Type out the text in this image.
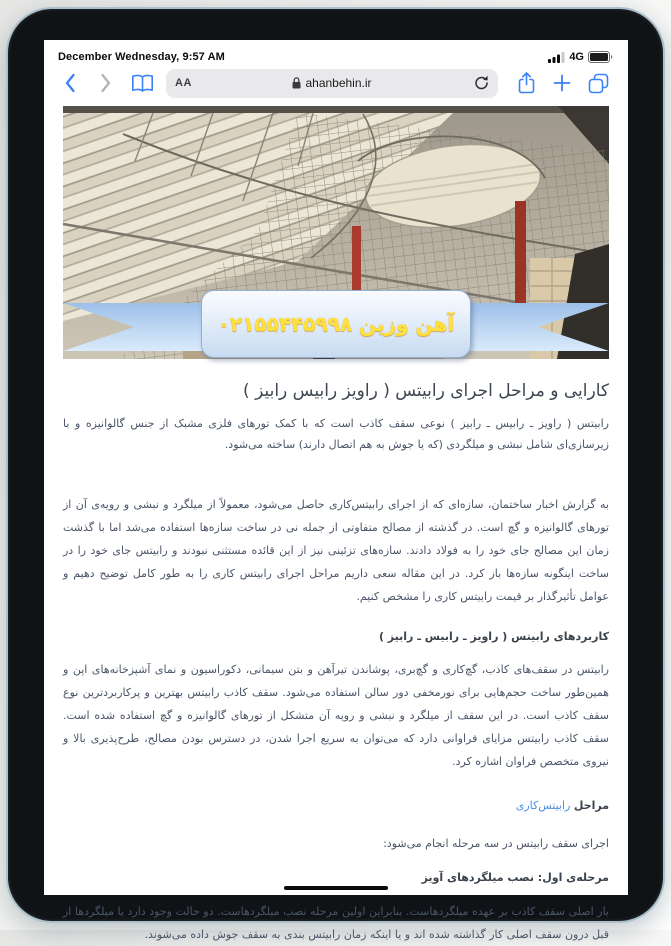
December Wednesday, 9:57 AM	4G
AA	ahanbehin.ir
آهن وزین ۰۲۱۵۵۴۴۵۹۹۸
کارایی و مراحل اجرای رابیتس ( راویز رابیس رابیز )

رابیتس ( راویز ـ رابیس ـ رابیز ) نوعی سقف کاذب است که با کمک تورهای فلزی مشبک از جنس گالوانیزه و با زیرسازی‌ای شامل نبشی و میلگردی (که یا جوش به هم اتصال دارند) ساخته می‌شود.

به گزارش اخبار ساختمان، سازه‌ای که از اجرای رابیتس‌کاری حاصل می‌شود، معمولاً از میلگرد و نبشی و رویه‌ی آن از تورهای گالوانیزه و گچ است. در گذشته از مصالح متفاوتی از جمله نی در ساخت سازه‌ها استفاده می‌شد اما با گذشت زمان این مصالح جای خود را به فولاد دادند. سازه‌های تزئینی نیز از این قائده مستثنی نبودند و رابیتس جای خود را در ساخت اینگونه سازه‌ها باز کرد. در این مقاله سعی داریم مراحل اجرای رابیتس کاری را به طور کامل توضیح دهیم و عوامل تأثیرگذار بر قیمت رابیتس کاری را مشخص کنیم.

کاربردهای رابیتس ( راویز ـ رابیس ـ رابیز )

رابیتس در سقف‌های کاذب، گچ‌کاری و گچ‌بری، پوشاندن تیرآهن و بتن سیمانی، دکوراسیون و نمای آشپزخانه‌های اپن و همین‌طور ساخت حجم‌هایی برای نورمخفی دور سالن استفاده می‌شود. سقف کاذب رابیتس بهترین و پرکاربردترین نوع سقف کاذب است. در این سقف از میلگرد و نبشی و رویه آن متشکل از تورهای گالوانیزه و گچ استفاده شده است. سقف کاذب رابیتس مزایای فراوانی دارد که می‌توان به سریع اجرا شدن، در دسترس بودن مصالح، طرح‌پذیری بالا و نیروی متخصص فراوان اشاره کرد.

مراحل رابیتس‌کاری

اجرای سقف رابیتس در سه مرحله انجام می‌شود:

مرحله‌ی اول: نصب میلگردهای آویز

بار اصلی سقف کاذب بر عهده میلگردهاست. بنابراین اولین مرحله نصب میلگردهاست. دو حالت وجود دارد یا میلگردها از قبل درون سقف اصلی کار گذاشته شده اند و یا اینکه زمان رابیتس بندی به سقف جوش داده می‌شوند.
